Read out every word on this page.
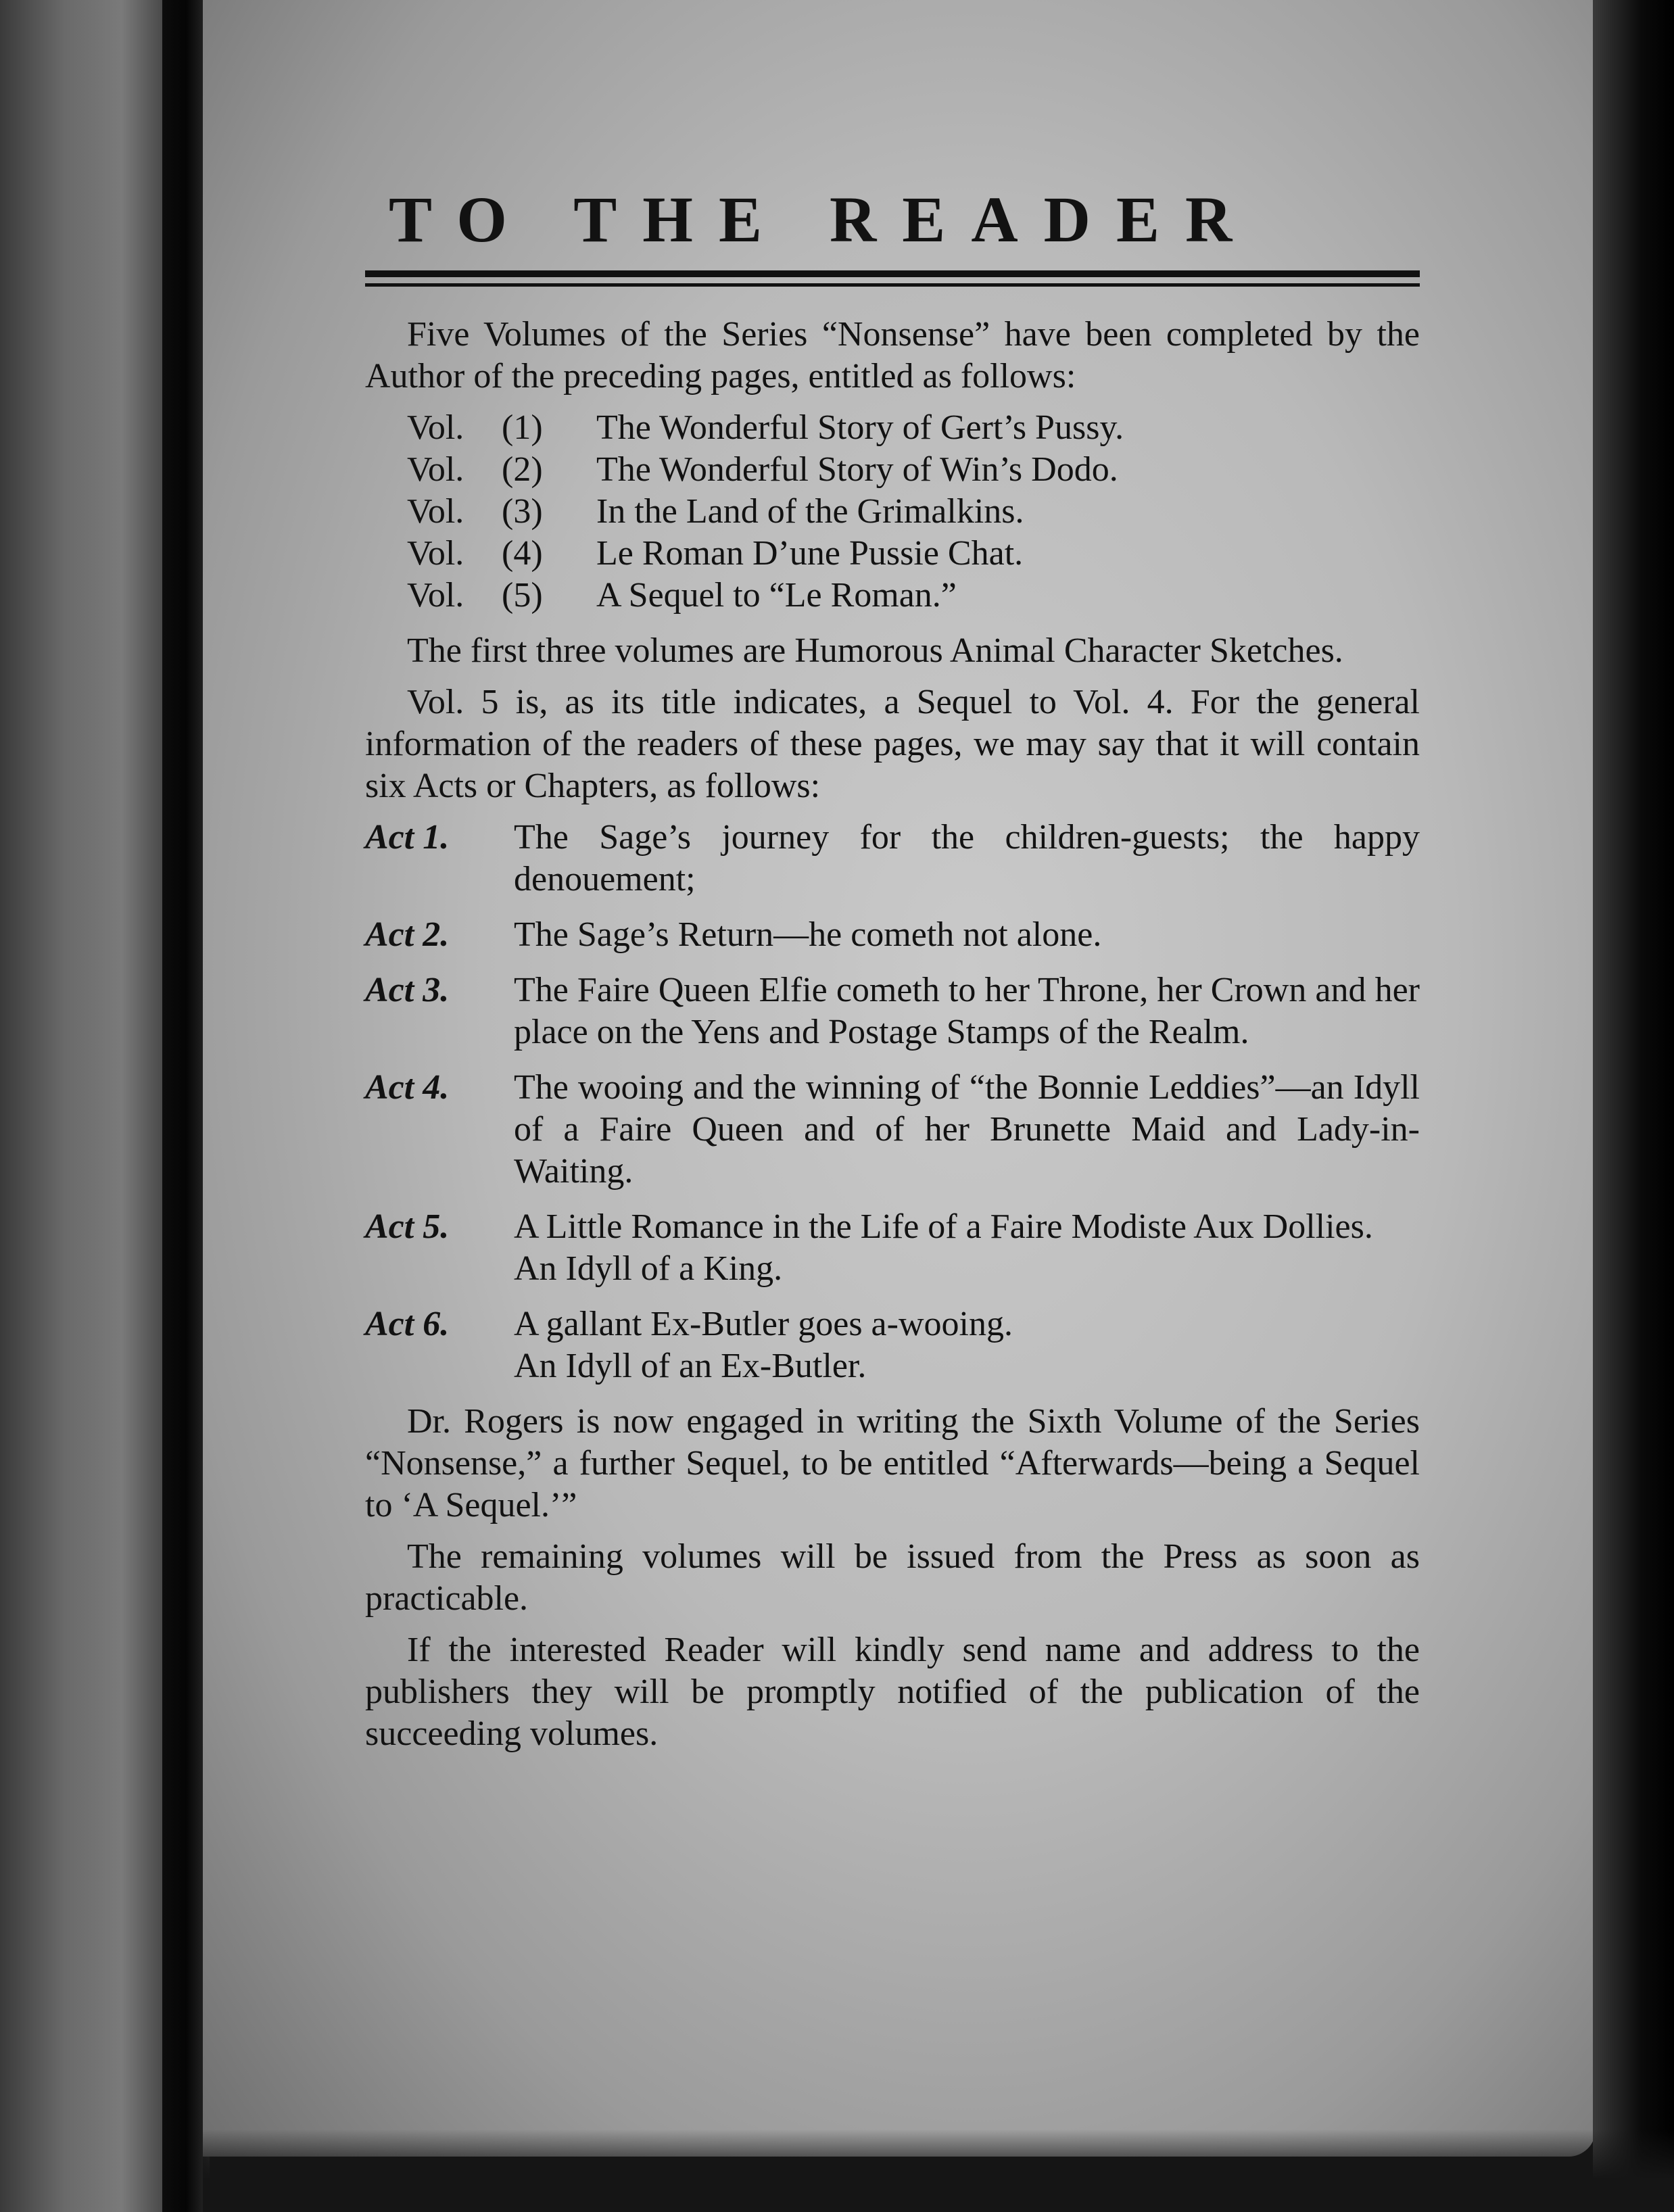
TO THE READER

Five Volumes of the Series “Nonsense” have been completed by the Author of the preceding pages, entitled as follows:

Vol.	(1)	The Wonderful Story of Gert’s Pussy.
Vol.	(2)	The Wonderful Story of Win’s Dodo.
Vol.	(3)	In the Land of the Grimalkins.
Vol.	(4)	Le Roman D’une Pussie Chat.
Vol.	(5)	A Sequel to “Le Roman.”

The first three volumes are Humorous Animal Character Sketches.

Vol. 5 is, as its title indicates, a Sequel to Vol. 4. For the general information of the readers of these pages, we may say that it will contain six Acts or Chapters, as follows:

Act 1.	The Sage’s journey for the children-guests; the happy denouement;
Act 2.	The Sage’s Return—he cometh not alone.
Act 3.	The Faire Queen Elfie cometh to her Throne, her Crown and her place on the Yens and Postage Stamps of the Realm.
Act 4.	The wooing and the winning of “the Bonnie Leddies”—an Idyll of a Faire Queen and of her Brunette Maid and Lady-in-Waiting.
Act 5.	A Little Romance in the Life of a Faire Modiste Aux Dollies.
An Idyll of a King.
Act 6.	A gallant Ex-Butler goes a-wooing.
An Idyll of an Ex-Butler.

Dr. Rogers is now engaged in writing the Sixth Volume of the Series “Nonsense,” a further Sequel, to be entitled “Afterwards—being a Sequel to ‘A Sequel.’”

The remaining volumes will be issued from the Press as soon as practicable.

If the interested Reader will kindly send name and address to the publishers they will be promptly notified of the publication of the succeeding volumes.
